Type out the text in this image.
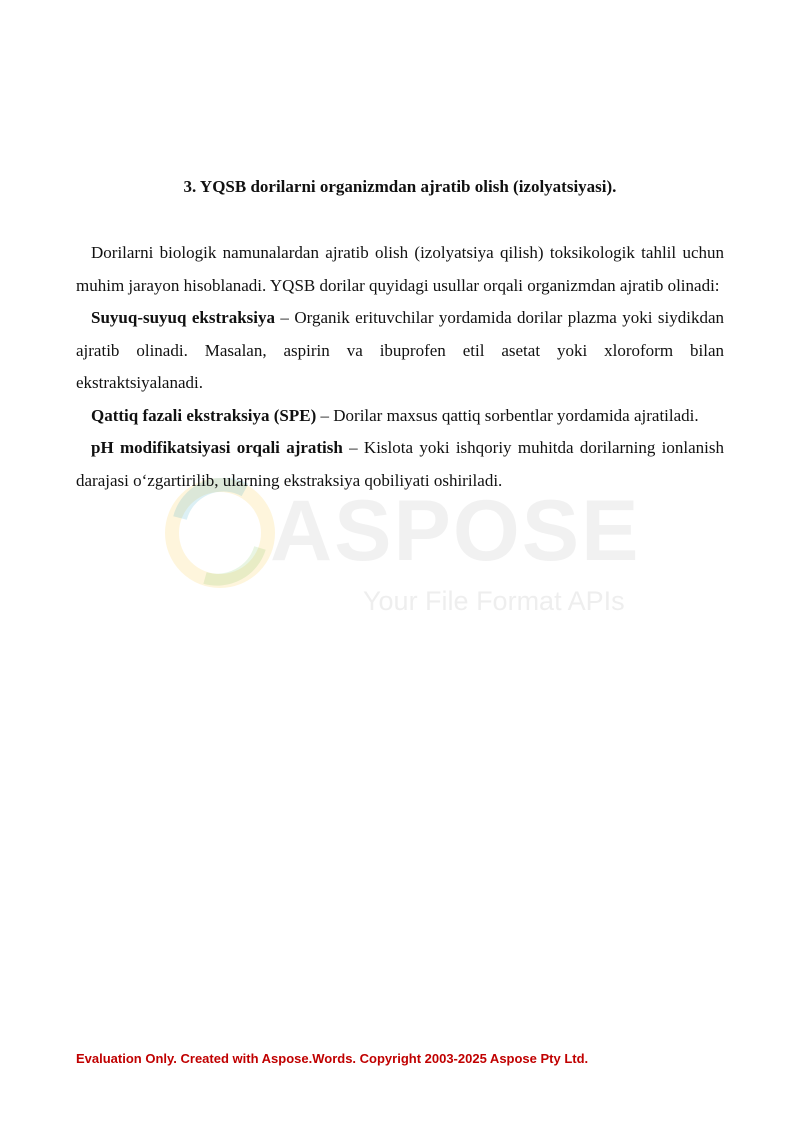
ASPOSE
Your File Format APIs
3. YQSB dorilarni organizmdan ajratib olish (izolyatsiyasi).

Dorilarni biologik namunalardan ajratib olish (izolyatsiya qilish) toksikologik tahlil uchun muhim jarayon hisoblanadi. YQSB dorilar quyidagi usullar orqali organizmdan ajratib olinadi:

Suyuq-suyuq ekstraksiya – Organik erituvchilar yordamida dorilar plazma yoki siydikdan ajratib olinadi. Masalan, aspirin va ibuprofen etil asetat yoki xloroform bilan ekstraktsiyalanadi.

Qattiq fazali ekstraksiya (SPE) – Dorilar maxsus qattiq sorbentlar yordamida ajratiladi.

pH modifikatsiyasi orqali ajratish – Kislota yoki ishqoriy muhitda dorilarning ionlanish darajasi o‘zgartirilib, ularning ekstraksiya qobiliyati oshiriladi.

Evaluation Only. Created with Aspose.Words. Copyright 2003-2025 Aspose Pty Ltd.
